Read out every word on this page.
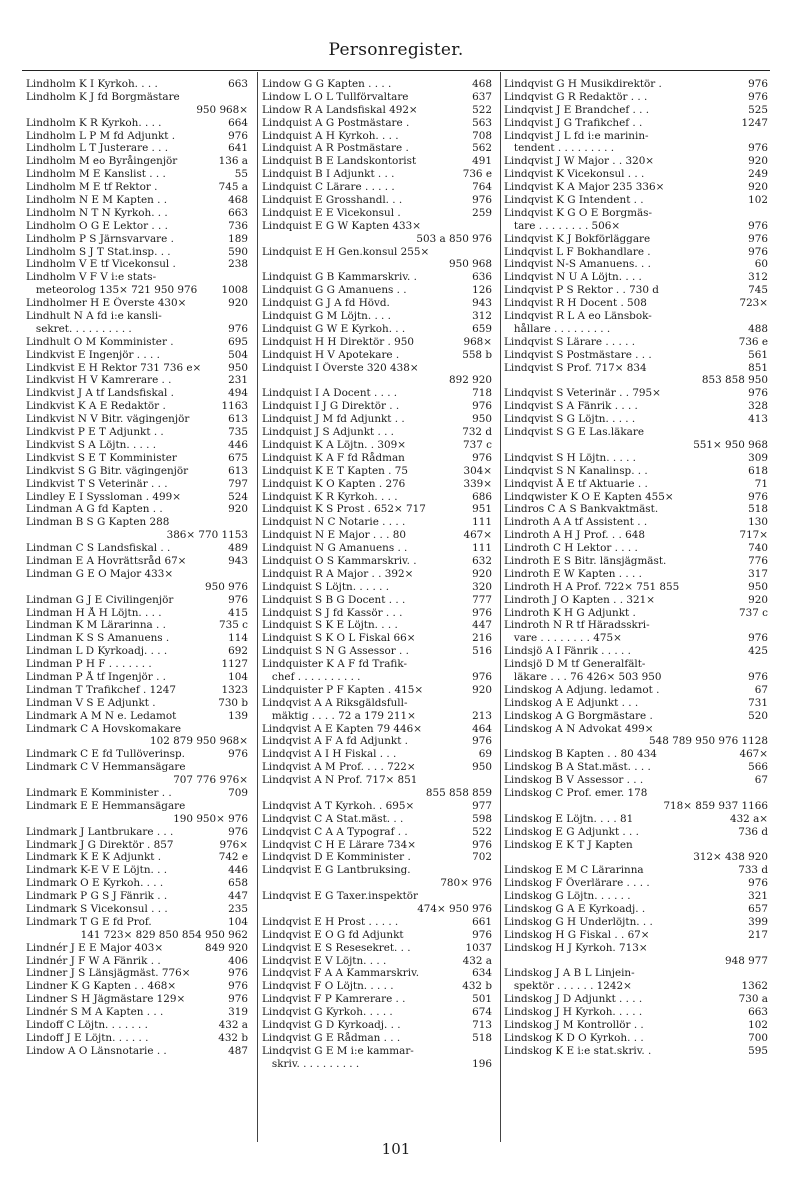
Personregister.
Lindholm K I Kyrkoh. . . .	663
Lindholm K J fd Borgmästare
950 968×
Lindholm K R Kyrkoh. . . .	664
Lindholm L P M fd Adjunkt .	976
Lindholm L T Justerare . . .	641
Lindholm M eo Byråingenjör	136 a
Lindholm M E Kanslist . . .	55
Lindholm M E tf Rektor .	745 a
Lindholm N E M Kapten . .	468
Lindholm N T N Kyrkoh. . .	663
Lindholm O G E Lektor . . .	736
Lindholm P S Järnsvarvare .	189
Lindholm S J T Stat.insp. . .	590
Lindholm V E tf Vicekonsul .	238
Lindholm V F V i:e stats-
meteorolog 135× 721 950 976	1008
Lindholmer H E Överste 430×	920
Lindhult N A fd i:e kansli-
sekret. . . . . . . . . .	976
Lindhult O M Komminister .	695
Lindkvist E Ingenjör . . . .	504
Lindkvist E H Rektor 731 736 e×	950
Lindkvist H V Kamrerare . .	231
Lindkvist J A tf Landsfiskal .	494
Lindkvist K A E Redaktör .	1163
Lindkvist N V Bitr. vägingenjör	613
Lindkvist P E T Adjunkt . .	735
Lindkvist S A Löjtn. . . . .	446
Lindkvist S E T Komminister	675
Lindkvist S G Bitr. vägingenjör	613
Lindkvist T S Veterinär . . .	797
Lindley E I Syssloman . 499×	524
Lindman A G fd Kapten . .	920
Lindman B S G Kapten 288
386× 770 1153
Lindman C S Landsfiskal . .	489
Lindman E A Hovrättsråd 67×	943
Lindman G E O Major 433×
950 976
Lindman G J E Civilingenjör	976
Lindman H Å H Löjtn. . . .	415
Lindman K M Lärarinna . .	735 c
Lindman K S S Amanuens .	114
Lindman L D Kyrkoadj. . . .	692
Lindman P H F . . . . . . .	1127
Lindman P Å tf Ingenjör . .	104
Lindman T Trafikchef . 1247	1323
Lindman V S E Adjunkt .	730 b
Lindmark A M N e. Ledamot	139
Lindmark C A Hovskomakare
102 879 950 968×
Lindmark C E fd Tullöverinsp.	976
Lindmark C V Hemmansägare
707 776 976×
Lindmark E Komminister . .	709
Lindmark E E Hemmansägare
190 950× 976
Lindmark J Lantbrukare . . .	976
Lindmark J G Direktör . 857	976×
Lindmark K E K Adjunkt .	742 e
Lindmark K-E V E Löjtn. . .	446
Lindmark O E Kyrkoh. . . .	658
Lindmark P G S J Fänrik . .	447
Lindmark S Vicekonsul . . .	235
Lindmark T G E fd Prof.	104
141 723× 829 850 854 950 962
Lindnér J E E Major 403×	849 920
Lindnér J F W A Fänrik . .	406
Lindner J S Länsjägmäst. 776×	976
Lindner K G Kapten . . 468×	976
Lindner S H Jägmästare 129×	976
Lindnér S M A Kapten . . .	319
Lindoff C Löjtn. . . . . . .	432 a
Lindoff J E Löjtn. . . . . .	432 b
Lindow A O Länsnotarie . .	487
Lindow G G Kapten . . . .	468
Lindow L O L Tullförvaltare	637
Lindow R A Landsfiskal 492×	522
Lindquist A G Postmästare .	563
Lindquist A H Kyrkoh. . . .	708
Lindquist A R Postmästare .	562
Lindquist B E Landskontorist	491
Lindquist B I Adjunkt . . .	736 e
Lindquist C Lärare . . . . .	764
Lindquist E Grosshandl. . .	976
Lindquist E E Vicekonsul .	259
Lindquist E G W Kapten 433×
503 a 850 976
Lindquist E H Gen.konsul 255×
950 968
Lindquist G B Kammarskriv. .	636
Lindquist G G Amanuens . .	126
Lindquist G J A fd Hövd.	943
Lindquist G M Löjtn. . . .	312
Lindquist G W E Kyrkoh. . .	659
Lindquist H H Direktör . 950	968×
Lindquist H V Apotekare .	558 b
Lindquist I Överste 320 438×
892 920
Lindquist I A Docent . . . .	718
Lindquist I J G Direktör . .	976
Lindquist J M fd Adjunkt . .	950
Lindquist J S Adjunkt . . .	732 d
Lindquist K A Löjtn. . 309×	737 c
Lindquist K A F fd Rådman	976
Lindquist K E T Kapten . 75	304×
Lindquist K O Kapten . 276	339×
Lindquist K R Kyrkoh. . . .	686
Lindquist K S Prost . 652× 717	951
Lindquist N C Notarie . . . .	111
Lindquist N E Major . . . 80	467×
Lindquist N G Amanuens . .	111
Lindquist O S Kammarskriv. .	632
Lindquist R A Major . . 392×	920
Lindquist S Löjtn. . . . . .	320
Lindquist S B G Docent . . .	777
Lindquist S J fd Kassör . . .	976
Lindquist S K E Löjtn. . . .	447
Lindquist S K O L Fiskal 66×	216
Lindquist S N G Assessor . .	516
Lindquister K A F fd Trafik-
chef . . . . . . . . . .	976
Lindquister P F Kapten . 415×	920
Lindqvist A A Riksgäldsfull-
mäktig . . . . 72 a 179 211×	213
Lindqvist A E Kapten 79 446×	464
Lindqvist A F A fd Adjunkt .	976
Lindqvist A I H Fiskal . . .	69
Lindqvist A M Prof. . . . 722×	950
Lindqvist A N Prof. 717× 851
855 858 859
Lindqvist A T Kyrkoh. . 695×	977
Lindqvist C A Stat.mäst. . .	598
Lindqvist C A A Typograf . .	522
Lindqvist C H E Lärare 734×	976
Lindqvist D E Komminister .	702
Lindqvist E G Lantbruksing.
780× 976
Lindqvist E G Taxer.inspektör
474× 950 976
Lindqvist E H Prost . . . . .	661
Lindqvist E O G fd Adjunkt	976
Lindqvist E S Resesekret. . .	1037
Lindqvist E V Löjtn. . . .	432 a
Lindqvist F A A Kammarskriv.	634
Lindqvist F O Löjtn. . . . .	432 b
Lindqvist F P Kamrerare . .	501
Lindqvist G Kyrkoh. . . . .	674
Lindqvist G D Kyrkoadj. . .	713
Lindqvist G E Rådman . . .	518
Lindqvist G E M i:e kammar-
skriv. . . . . . . . . .	196
Lindqvist G H Musikdirektör .	976
Lindqvist G R Redaktör . . .	976
Lindqvist J E Brandchef . . .	525
Lindqvist J G Trafikchef . .	1247
Lindqvist J L fd i:e marinin-
tendent . . . . . . . . .	976
Lindqvist J W Major . . 320×	920
Lindqvist K Vicekonsul . . .	249
Lindqvist K A Major 235 336×	920
Lindqvist K G Intendent . .	102
Lindqvist K G O E Borgmäs-
tare . . . . . . . . 506×	976
Lindqvist K J Bokförläggare	976
Lindqvist L F Bokhandlare .	976
Lindqvist N-S Amanuens. . .	60
Lindqvist N U A Löjtn. . . .	312
Lindqvist P S Rektor . . 730 d	745
Lindqvist R H Docent . 508	723×
Lindqvist R L A eo Länsbok-
hållare . . . . . . . . .	488
Lindqvist S Lärare . . . . .	736 e
Lindqvist S Postmästare . . .	561
Lindqvist S Prof. 717× 834	851
853 858 950
Lindqvist S Veterinär . . 795×	976
Lindqvist S A Fänrik . . . .	328
Lindqvist S G Löjtn. . . . .	413
Lindqvist S G E Las.läkare
551× 950 968
Lindqvist S H Löjtn. . . . .	309
Lindqvist S N Kanalinsp. . .	618
Lindqvist Å E tf Aktuarie . .	71
Lindqwister K O E Kapten 455×	976
Lindros C A S Bankvaktmäst.	518
Lindroth A A tf Assistent . .	130
Lindroth A H J Prof. . . 648	717×
Lindroth C H Lektor . . . .	740
Lindroth E S Bitr. länsjägmäst.	776
Lindroth E W Kapten . . . .	317
Lindroth H A Prof. 722× 751 855	950
Lindroth J O Kapten . . 321×	920
Lindroth K H G Adjunkt .	737 c
Lindroth N R tf Häradsskri-
vare . . . . . . . . 475×	976
Lindsjö A I Fänrik . . . . .	425
Lindsjö D M tf Generalfält-
läkare . . . 76 426× 503 950	976
Lindskog A Adjung. ledamot .	67
Lindskog A E Adjunkt . . .	731
Lindskog A G Borgmästare .	520
Lindskog A N Advokat 499×
548 789 950 976 1128
Lindskog B Kapten . . 80 434	467×
Lindskog B A Stat.mäst. . . .	566
Lindskog B V Assessor . . .	67
Lindskog C Prof. emer. 178
718× 859 937 1166
Lindskog E Löjtn. . . . 81	432 a×
Lindskog E G Adjunkt . . .	736 d
Lindskog E K T J Kapten
312× 438 920
Lindskog E M C Lärarinna	733 d
Lindskog F Överlärare . . . .	976
Lindskog G Löjtn. . . . . .	321
Lindskog G A E Kyrkoadj. .	657
Lindskog G H Underlöjtn. . .	399
Lindskog H G Fiskal . . 67×	217
Lindskog H J Kyrkoh. 713×
948 977
Lindskog J A B L Linjein-
spektör . . . . . . 1242×	1362
Lindskog J D Adjunkt . . . .	730 a
Lindskog J H Kyrkoh. . . . .	663
Lindskog J M Kontrollör . .	102
Lindskog K D O Kyrkoh. . .	700
Lindskog K E i:e stat.skriv. .	595
101
